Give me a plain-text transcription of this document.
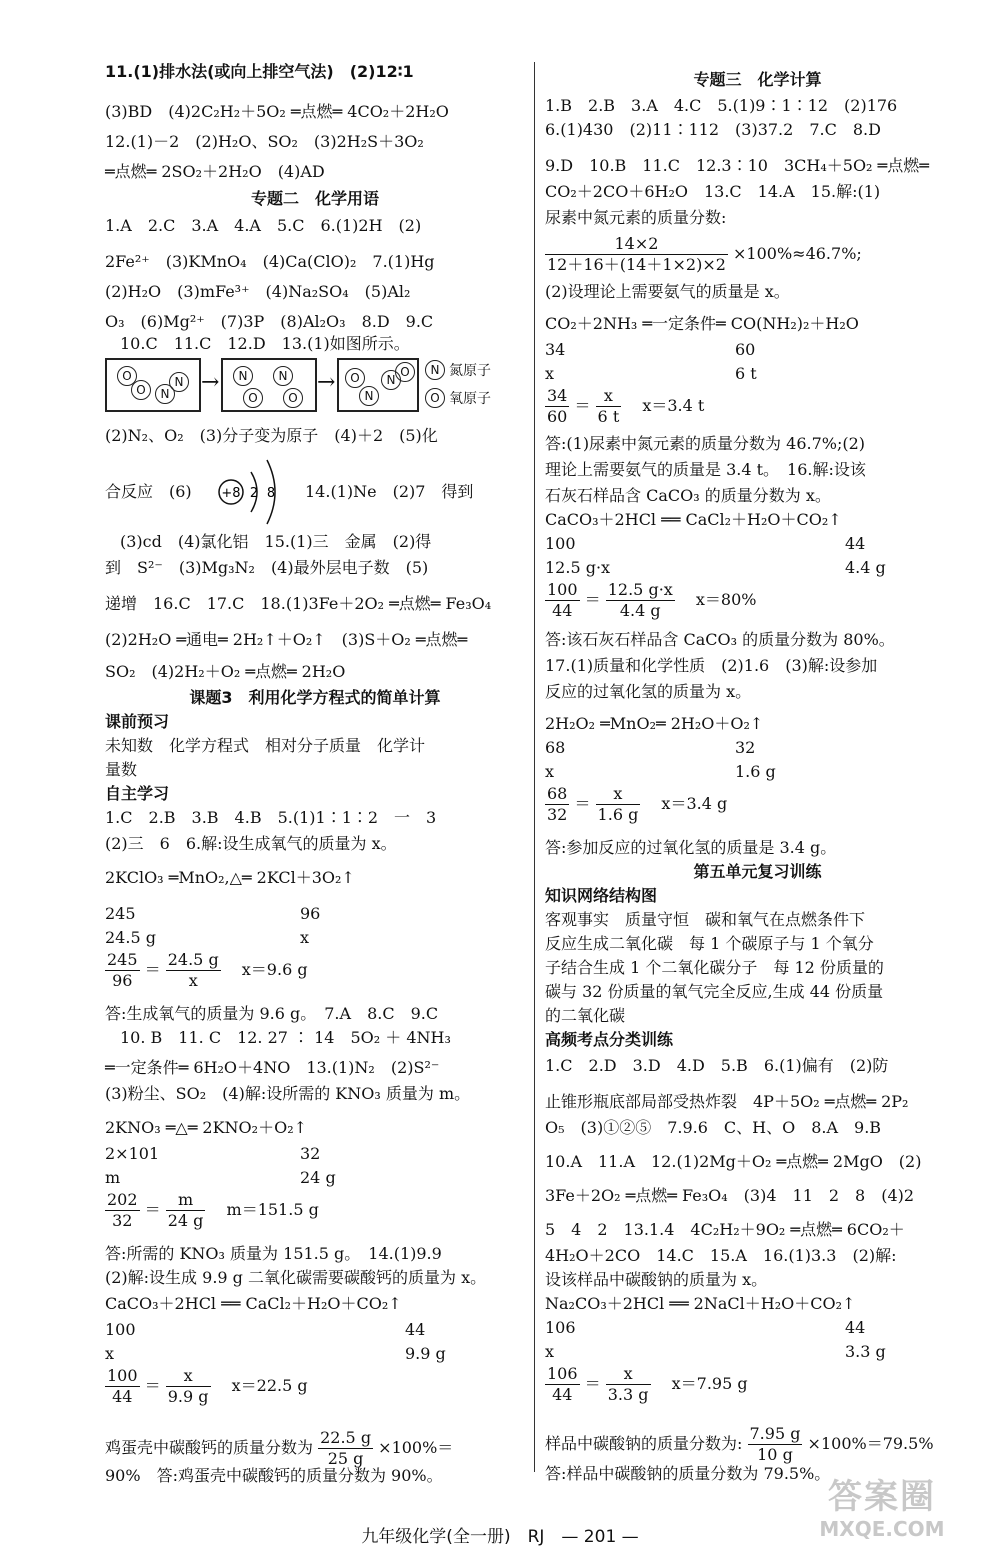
11.(1)排水法(或向上排空气法)　(2)12∶1
(3)BD　(4)2C₂H₂＋5O₂ ═点燃═ 4CO₂＋2H₂O
12.(1)－2　(2)H₂O、SO₂　(3)2H₂S＋3O₂
═点燃═ 2SO₂＋2H₂O　(4)AD
专题二　化学用语
1.A　2.C　3.A　4.A　5.C　6.(1)2H　(2)
2Fe²⁺　(3)KMnO₄　(4)Ca(ClO)₂　7.(1)Hg
(2)H₂O　(3)mFe³⁺　(4)Na₂SO₄　(5)Al₂
O₃　(6)Mg²⁺　(7)3P　(8)Al₂O₃　8.D　9.C
10.C　11.C　12.D　13.(1)如图所示。
O
O	N
N →	N	N
O	O
→	O
N
N
O	N 氮原子
O 氧原子
(2)N₂、O₂　(3)分子变为原子　(4)＋2　(5)化
合反应　(6) +8 2 8 14.(1)Ne　(2)7　得到
(3)cd　(4)氯化铝　15.(1)三　金属　(2)得
到　S²⁻　(3)Mg₃N₂　(4)最外层电子数　(5)
递增　16.C　17.C　18.(1)3Fe＋2O₂ ═点燃═ Fe₃O₄
(2)2H₂O ═通电═ 2H₂↑＋O₂↑　(3)S＋O₂ ═点燃═
SO₂　(4)2H₂＋O₂ ═点燃═ 2H₂O
课题3　利用化学方程式的简单计算
课前预习
未知数　化学方程式　相对分子质量　化学计
量数
自主学习
1.C　2.B　3.B　4.B　5.(1)1∶1∶2　一　3
(2)三　6　6.解:设生成氧气的质量为 x。
2KClO₃ ═MnO₂,△═ 2KCl＋3O₂↑
245	96
24.5 g	x
$\frac{245}{96} = \frac{24.5 g}{x}$
　 x＝9.6 g
答:生成氧气的质量为 9.6 g。　7.A　8.C　9.C
10. B　11. C　12. 27 ∶ 14　5O₂ ＋ 4NH₃
═一定条件═ 6H₂O＋4NO　13.(1)N₂　(2)S²⁻
(3)粉尘、SO₂　(4)解:设所需的 KNO₃ 质量为 m。
2KNO₃ ═△═ 2KNO₂＋O₂↑
2×101	32
m	24 g
$\frac{202}{32} = \frac{m}{24 g}$
　 m＝151.5 g
答:所需的 KNO₃ 质量为 151.5 g。　14.(1)9.9
(2)解:设生成 9.9 g 二氧化碳需要碳酸钙的质量为 x。
CaCO₃＋2HCl ══ CaCl₂＋H₂O＋CO₂↑
100	44
x	9.9 g
$\frac{100}{44} = \frac{x}{9.9 g}$
　 x＝22.5 g
鸡蛋壳中碳酸钙的质量分数为 $\frac{22.5 g}{25 g} \times 100\%=$
90%　答:鸡蛋壳中碳酸钙的质量分数为 90%。
专题三　化学计算
1.B　2.B　3.A　4.C　5.(1)9∶1∶12　(2)176
6.(1)430　(2)11∶112　(3)37.2　7.C　8.D
9.D　10.B　11.C　12.3∶10　3CH₄＋5O₂ ═点燃═
CO₂＋2CO＋6H₂O　13.C　14.A　15.解:(1)
尿素中氮元素的质量分数:
$\frac{14\times 2}{12+16+(14+1\times 2)\times 2} \times 100\%\approx 46.7\%$;
(2)设理论上需要氨气的质量是 x。
CO₂＋2NH₃ ═一定条件═ CO(NH₂)₂＋H₂O
34	60
x	6 t
$\frac{34}{60} = \frac{x}{6 t}$
　 x＝3.4 t
答:(1)尿素中氮元素的质量分数为 46.7%;(2)
理论上需要氨气的质量是 3.4 t。　16.解:设该
石灰石样品含 CaCO₃ 的质量分数为 x。
CaCO₃＋2HCl ══ CaCl₂＋H₂O＋CO₂↑
100	44
12.5 g·x	4.4 g
$\frac{100}{44} = \frac{12.5 g\cdot x}{4.4 g}$
　 x＝80%
答:该石灰石样品含 CaCO₃ 的质量分数为 80%。
17.(1)质量和化学性质　(2)1.6　(3)解:设参加
反应的过氧化氢的质量为 x。
2H₂O₂ ═MnO₂═ 2H₂O＋O₂↑
68	32
x	1.6 g
$\frac{68}{32} = \frac{x}{1.6 g}$
　 x＝3.4 g
答:参加反应的过氧化氢的质量是 3.4 g。
第五单元复习训练
知识网络结构图
客观事实　质量守恒　碳和氧气在点燃条件下
反应生成二氧化碳　每 1 个碳原子与 1 个氧分
子结合生成 1 个二氧化碳分子　每 12 份质量的
碳与 32 份质量的氧气完全反应,生成 44 份质量
的二氧化碳
高频考点分类训练
1.C　2.D　3.D　4.D　5.B　6.(1)偏有　(2)防
止锥形瓶底部局部受热炸裂　4P＋5O₂ ═点燃═ 2P₂
O₅　(3)①②⑤　7.9.6　C、H、O　8.A　9.B
10.A　11.A　12.(1)2Mg＋O₂ ═点燃═ 2MgO　(2)
3Fe＋2O₂ ═点燃═ Fe₃O₄　(3)4　11　2　8　(4)2
5　4　2　13.1.4　4C₂H₂＋9O₂ ═点燃═ 6CO₂＋
4H₂O＋2CO　14.C　15.A　16.(1)3.3　(2)解:
设该样品中碳酸钠的质量为 x。
Na₂CO₃＋2HCl ══ 2NaCl＋H₂O＋CO₂↑
106	44
x	3.3 g
$\frac{106}{44} = \frac{x}{3.3 g}$
　 x＝7.95 g
样品中碳酸钠的质量分数为: $\frac{7.95 g}{10 g} \times 100\%=79.5\%$
答:样品中碳酸钠的质量分数为 79.5%。
九年级化学(全一册)　RJ　— 201 —
答案圈
MXQE.COM
